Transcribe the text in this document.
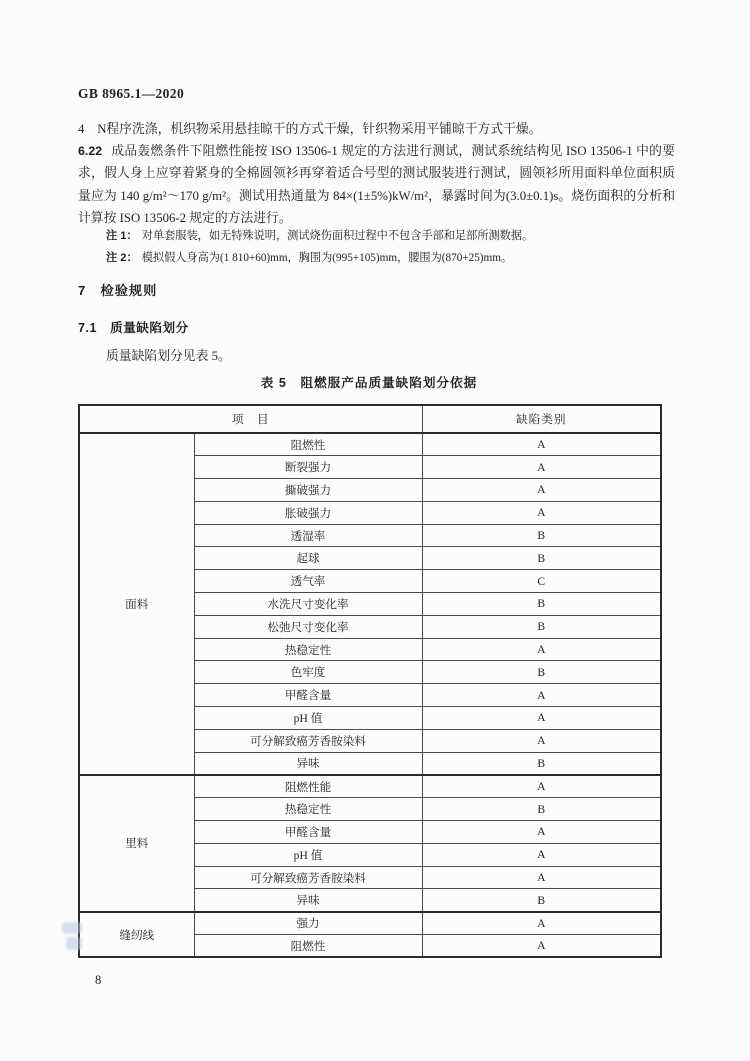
GB 8965.1—2020

4　N程序洗涤，机织物采用悬挂晾干的方式干燥，针织物采用平铺晾干方式干燥。

6.22 成品轰燃条件下阻燃性能按 ISO 13506-1 规定的方法进行测试，测试系统结构见 ISO 13506-1 中的要求，假人身上应穿着紧身的全棉圆领衫再穿着适合号型的测试服装进行测试，圆领衫所用面料单位面积质量应为 140 g/m²～170 g/m²。测试用热通量为 84×(1±5%)kW/m²，暴露时间为(3.0±0.1)s。烧伤面积的分析和计算按 ISO 13506-2 规定的方法进行。

注 1： 对单套服装，如无特殊说明，测试烧伤面积过程中不包含手部和足部所测数据。

注 2： 模拟假人身高为(1 810+60)mm，胸围为(995+105)mm，腰围为(870+25)mm。

7　检验规则
7.1　质量缺陷划分

质量缺陷划分见表 5。

表 5　阻燃服产品质量缺陷划分依据

项　目		缺陷类别
面料	阻燃性	A
	断裂强力	A
	撕破强力	A
	胀破强力	A
	透湿率	B
	起球	B
	透气率	C
	水洗尺寸变化率	B
	松弛尺寸变化率	B
	热稳定性	A
	色牢度	B
	甲醛含量	A
	pH 值	A
	可分解致癌芳香胺染料	A
	异味	B
里料	阻燃性能	A
	热稳定性	B
	甲醛含量	A
	pH 值	A
	可分解致癌芳香胺染料	A
	异味	B
缝纫线	强力	A
	阻燃性	A

8
